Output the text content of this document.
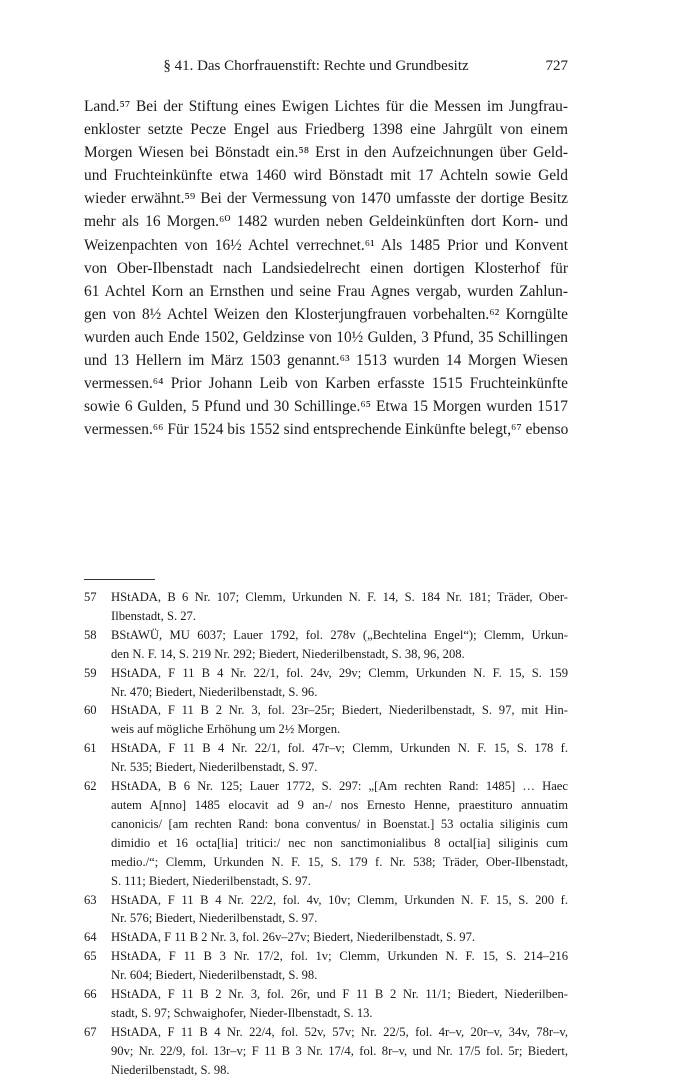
§ 41. Das Chorfrauenstift: Rechte und Grundbesitz	727
Land.⁵⁷ Bei der Stiftung eines Ewigen Lichtes für die Messen im Jungfrau-
enkloster setzte Pecze Engel aus Friedberg 1398 eine Jahrgült von einem
Morgen Wiesen bei Bönstadt ein.⁵⁸ Erst in den Aufzeichnungen über Geld-
und Fruchteinkünfte etwa 1460 wird Bönstadt mit 17 Achteln sowie Geld
wieder erwähnt.⁵⁹ Bei der Vermessung von 1470 umfasste der dortige Besitz
mehr als 16 Morgen.⁶⁰ 1482 wurden neben Geldeinkünften dort Korn- und
Weizenpachten von 16½ Achtel verrechnet.⁶¹ Als 1485 Prior und Konvent
von Ober-Ilbenstadt nach Landsiedelrecht einen dortigen Klosterhof für
61 Achtel Korn an Ernsthen und seine Frau Agnes vergab, wurden Zahlun-
gen von 8½ Achtel Weizen den Klosterjungfrauen vorbehalten.⁶² Korngülte
wurden auch Ende 1502, Geldzinse von 10½ Gulden, 3 Pfund, 35 Schillingen
und 13 Hellern im März 1503 genannt.⁶³ 1513 wurden 14 Morgen Wiesen
vermessen.⁶⁴ Prior Johann Leib von Karben erfasste 1515 Fruchteinkünfte
sowie 6 Gulden, 5 Pfund und 30 Schillinge.⁶⁵ Etwa 15 Morgen wurden 1517
vermessen.⁶⁶ Für 1524 bis 1552 sind entsprechende Einkünfte belegt,⁶⁷ ebenso
57 HStADA, B 6 Nr. 107; Clemm, Urkunden N. F. 14, S. 184 Nr. 181; Träder, Ober-
Ilbenstadt, S. 27.
58 BStAWÜ, MU 6037; Lauer 1792, fol. 278v („Bechtelina Engel“); Clemm, Urkun-
den N. F. 14, S. 219 Nr. 292; Biedert, Niederilbenstadt, S. 38, 96, 208.
59 HStADA, F 11 B 4 Nr. 22/1, fol. 24v, 29v; Clemm, Urkunden N. F. 15, S. 159
Nr. 470; Biedert, Niederilbenstadt, S. 96.
60 HStADA, F 11 B 2 Nr. 3, fol. 23r–25r; Biedert, Niederilbenstadt, S. 97, mit Hin-
weis auf mögliche Erhöhung um 2½ Morgen.
61 HStADA, F 11 B 4 Nr. 22/1, fol. 47r–v; Clemm, Urkunden N. F. 15, S. 178 f.
Nr. 535; Biedert, Niederilbenstadt, S. 97.
62 HStADA, B 6 Nr. 125; Lauer 1772, S. 297: „[Am rechten Rand: 1485] … Haec
autem A[nno] 1485 elocavit ad 9 an-/ nos Ernesto Henne, praestituro annuatim
canonicis/ [am rechten Rand: bona conventus/ in Boenstat.] 53 octalia siliginis cum
dimidio et 16 octa[lia] tritici:/ nec non sanctimonialibus 8 octal[ia] siliginis cum
medio./“; Clemm, Urkunden N. F. 15, S. 179 f. Nr. 538; Träder, Ober-Ilbenstadt,
S. 111; Biedert, Niederilbenstadt, S. 97.
63 HStADA, F 11 B 4 Nr. 22/2, fol. 4v, 10v; Clemm, Urkunden N. F. 15, S. 200 f.
Nr. 576; Biedert, Niederilbenstadt, S. 97.
64 HStADA, F 11 B 2 Nr. 3, fol. 26v–27v; Biedert, Niederilbenstadt, S. 97.
65 HStADA, F 11 B 3 Nr. 17/2, fol. 1v; Clemm, Urkunden N. F. 15, S. 214–216
Nr. 604; Biedert, Niederilbenstadt, S. 98.
66 HStADA, F 11 B 2 Nr. 3, fol. 26r, und F 11 B 2 Nr. 11/1; Biedert, Niederilben-
stadt, S. 97; Schwaighofer, Nieder-Ilbenstadt, S. 13.
67 HStADA, F 11 B 4 Nr. 22/4, fol. 52v, 57v; Nr. 22/5, fol. 4r–v, 20r–v, 34v, 78r–v,
90v; Nr. 22/9, fol. 13r–v; F 11 B 3 Nr. 17/4, fol. 8r–v, und Nr. 17/5 fol. 5r; Biedert,
Niederilbenstadt, S. 98.
